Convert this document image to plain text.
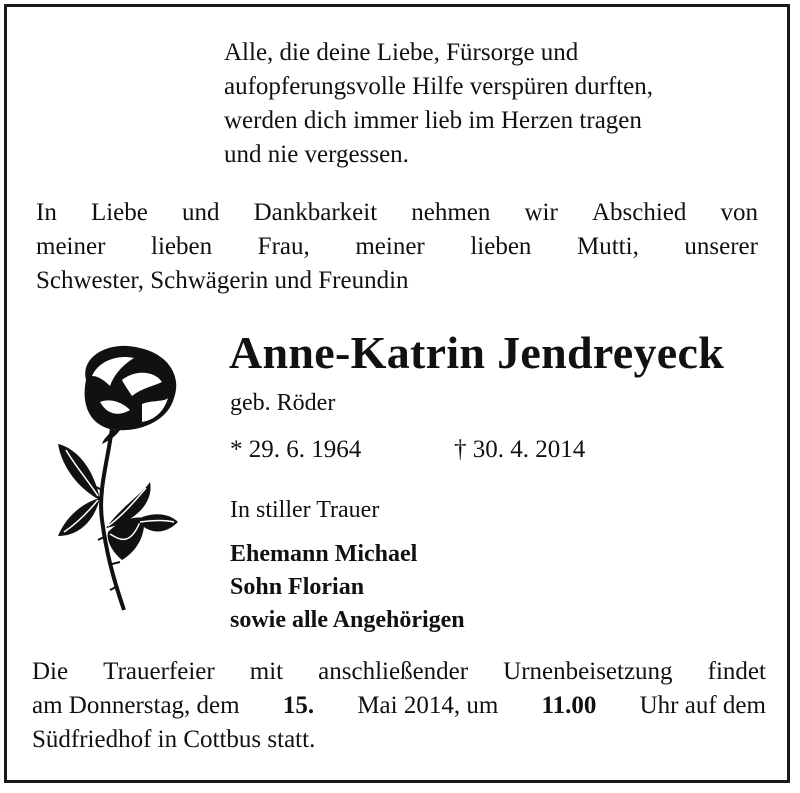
Alle, die deine Liebe, Fürsorge und
aufopferungsvolle Hilfe verspüren durften,
werden dich immer lieb im Herzen tragen
und nie vergessen.
In Liebe und Dankbarkeit nehmen wir Abschied von
meiner lieben Frau, meiner lieben Mutti, unserer
Schwester, Schwägerin und Freundin
Anne-Katrin Jendreyeck
geb. Röder
* 29. 6. 1964	† 30. 4. 2014
In stiller Trauer
Ehemann Michael
Sohn Florian
sowie alle Angehörigen
Die Trauerfeier mit anschließender Urnenbeisetzung findet
am Donnerstag, dem 15. Mai 2014, um 11.00 Uhr auf dem
Südfriedhof in Cottbus statt.
